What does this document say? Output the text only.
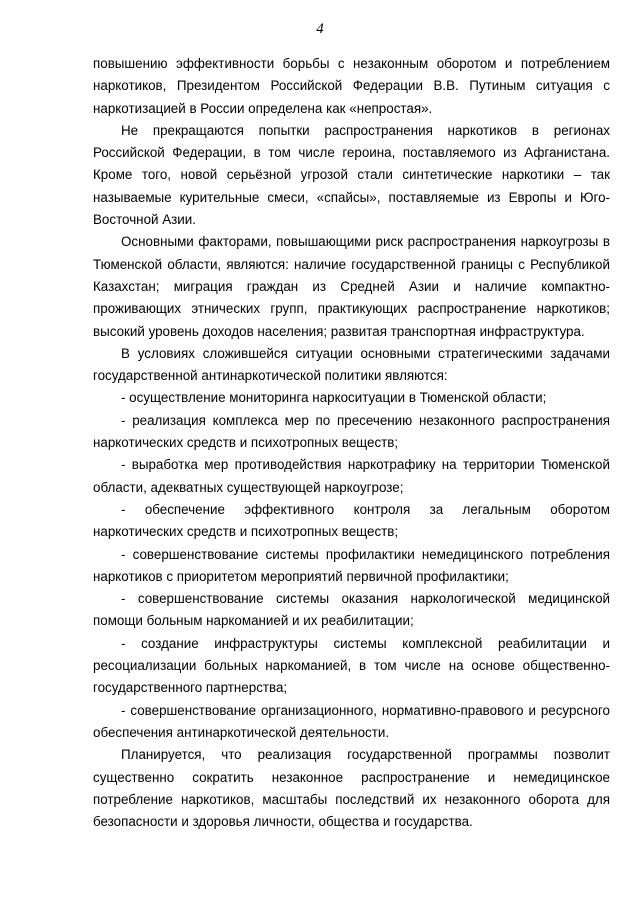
4

повышению эффективности борьбы с незаконным оборотом и потреблением наркотиков, Президентом Российской Федерации В.В. Путиным ситуация с наркотизацией в России определена как «непростая».

Не прекращаются попытки распространения наркотиков в регионах Российской Федерации, в том числе героина, поставляемого из Афганистана. Кроме того, новой серьёзной угрозой стали синтетические наркотики – так называемые курительные смеси, «спайсы», поставляемые из Европы и Юго-Восточной Азии.

Основными факторами, повышающими риск распространения наркоугрозы в Тюменской области, являются: наличие государственной границы с Республикой Казахстан; миграция граждан из Средней Азии и наличие компактно-проживающих этнических групп, практикующих распространение наркотиков; высокий уровень доходов населения; развитая транспортная инфраструктура.

В условиях сложившейся ситуации основными стратегическими задачами государственной антинаркотической политики являются:

- осуществление мониторинга наркоситуации в Тюменской области;

- реализация комплекса мер по пресечению незаконного распространения наркотических средств и психотропных веществ;

- выработка мер противодействия наркотрафику на территории Тюменской области, адекватных существующей наркоугрозе;

- обеспечение эффективного контроля за легальным оборотом наркотических средств и психотропных веществ;

- совершенствование системы профилактики немедицинского потребления наркотиков с приоритетом мероприятий первичной профилактики;

- совершенствование системы оказания наркологической медицинской помощи больным наркоманией и их реабилитации;

- создание инфраструктуры системы комплексной реабилитации и ресоциализации больных наркоманией, в том числе на основе общественно-государственного партнерства;

- совершенствование организационного, нормативно-правового и ресурсного обеспечения антинаркотической деятельности.

Планируется, что реализация государственной программы позволит существенно сократить незаконное распространение и немедицинское потребление наркотиков, масштабы последствий их незаконного оборота для безопасности и здоровья личности, общества и государства.
